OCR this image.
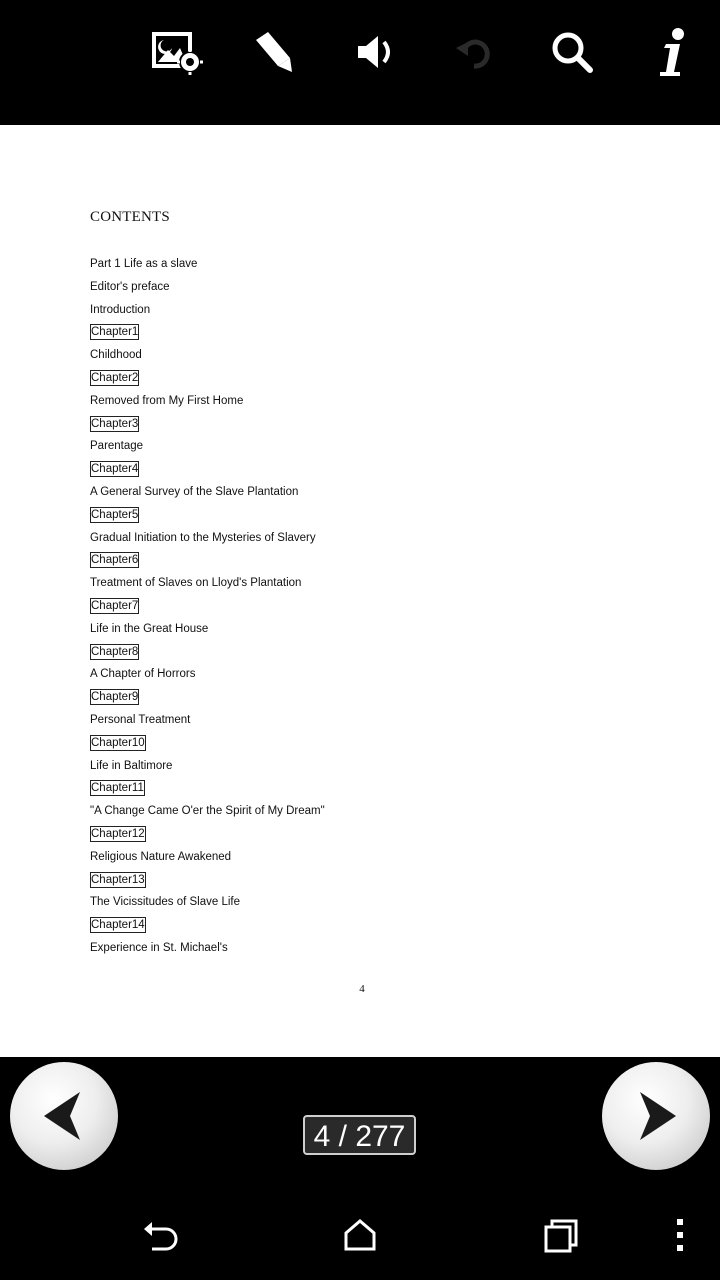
CONTENTS
Part 1 Life as a slave
Editor's preface
Introduction
Chapter1
Childhood
Chapter2
Removed from My First Home
Chapter3
Parentage
Chapter4
A General Survey of the Slave Plantation
Chapter5
Gradual Initiation to the Mysteries of Slavery
Chapter6
Treatment of Slaves on Lloyd's Plantation
Chapter7
Life in the Great House
Chapter8
A Chapter of Horrors
Chapter9
Personal Treatment
Chapter10
Life in Baltimore
Chapter11
"A Change Came O'er the Spirit of My Dream"
Chapter12
Religious Nature Awakened
Chapter13
The Vicissitudes of Slave Life
Chapter14
Experience in St. Michael's
4
4 / 277
